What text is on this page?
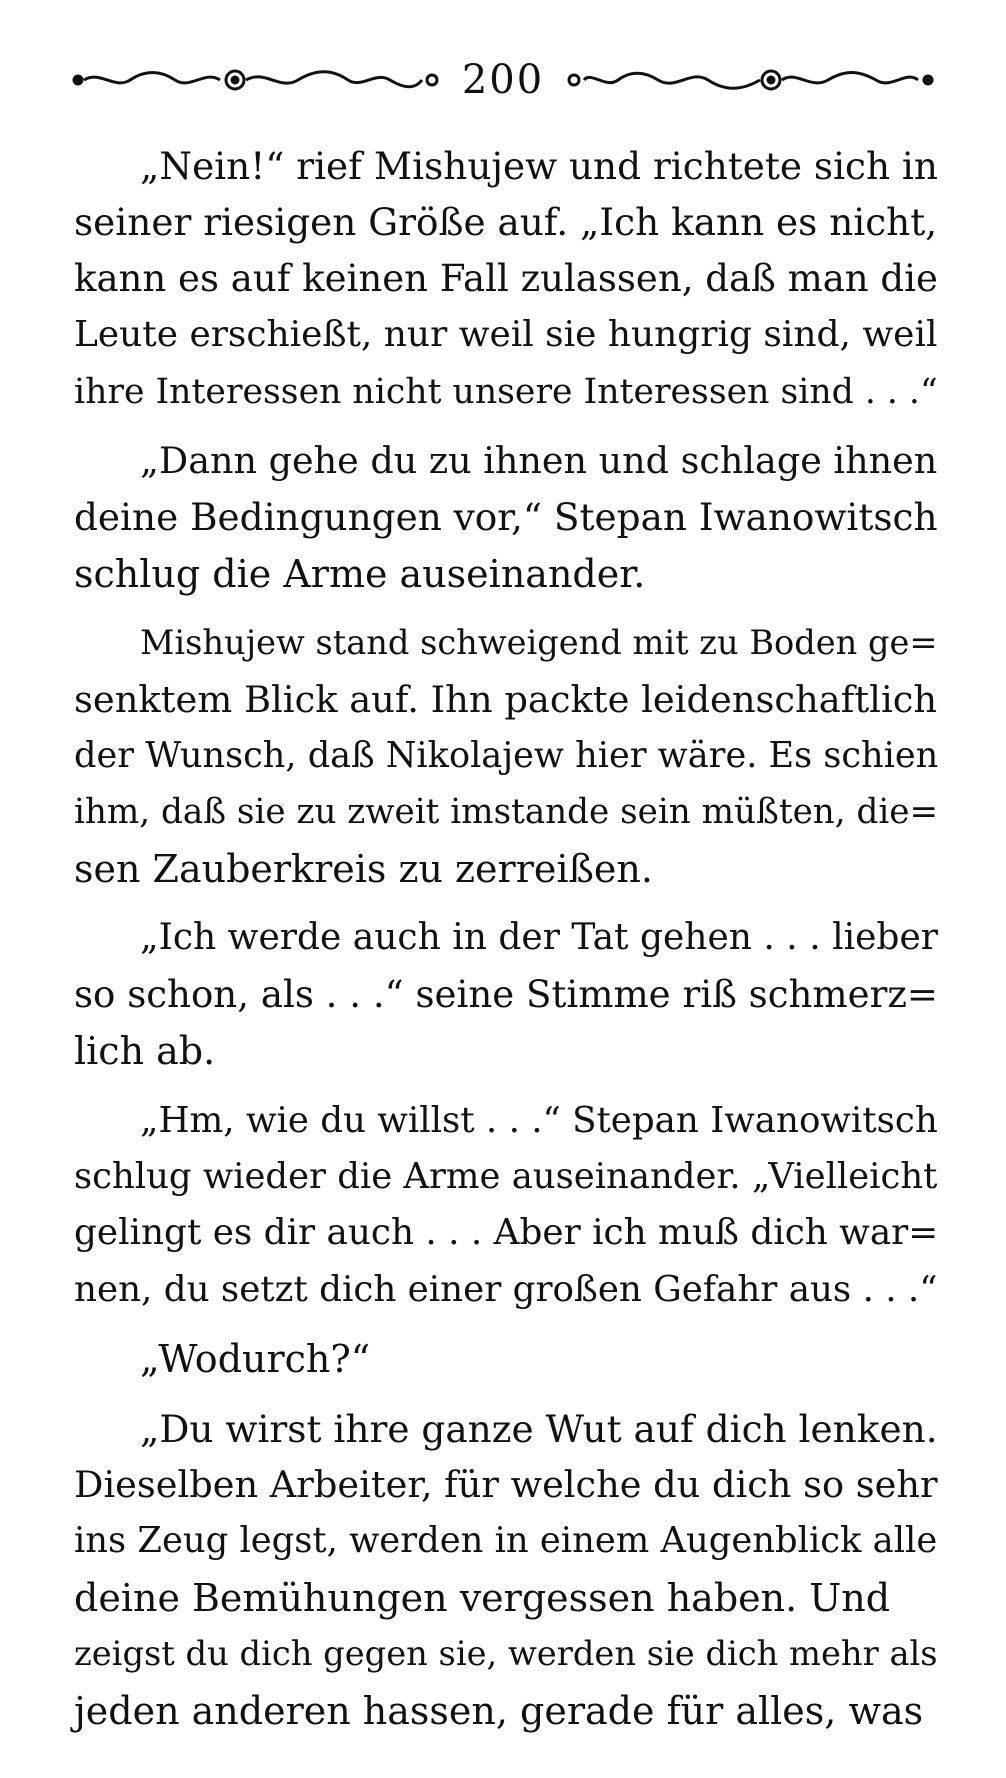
200

„Nein!“ rief Mishujew und richtete sich in
seiner riesigen Größe auf. „Ich kann es nicht,
kann es auf keinen Fall zulassen, daß man die
Leute erschießt, nur weil sie hungrig sind, weil
ihre Interessen nicht unsere Interessen sind . . .“

„Dann gehe du zu ihnen und schlage ihnen
deine Bedingungen vor,“ Stepan Iwanowitsch
schlug die Arme auseinander.

Mishujew stand schweigend mit zu Boden ge=
senktem Blick auf. Ihn packte leidenschaftlich
der Wunsch, daß Nikolajew hier wäre. Es schien
ihm, daß sie zu zweit imstande sein müßten, die=
sen Zauberkreis zu zerreißen.

„Ich werde auch in der Tat gehen . . . lieber
so schon, als . . .“ seine Stimme riß schmerz=
lich ab.

„Hm, wie du willst . . .“ Stepan Iwanowitsch
schlug wieder die Arme auseinander. „Vielleicht
gelingt es dir auch . . . Aber ich muß dich war=
nen, du setzt dich einer großen Gefahr aus . . .“

„Wodurch?“

„Du wirst ihre ganze Wut auf dich lenken.
Dieselben Arbeiter, für welche du dich so sehr
ins Zeug legst, werden in einem Augenblick alle
deine Bemühungen vergessen haben. Und
zeigst du dich gegen sie, werden sie dich mehr als
jeden anderen hassen, gerade für alles, was
